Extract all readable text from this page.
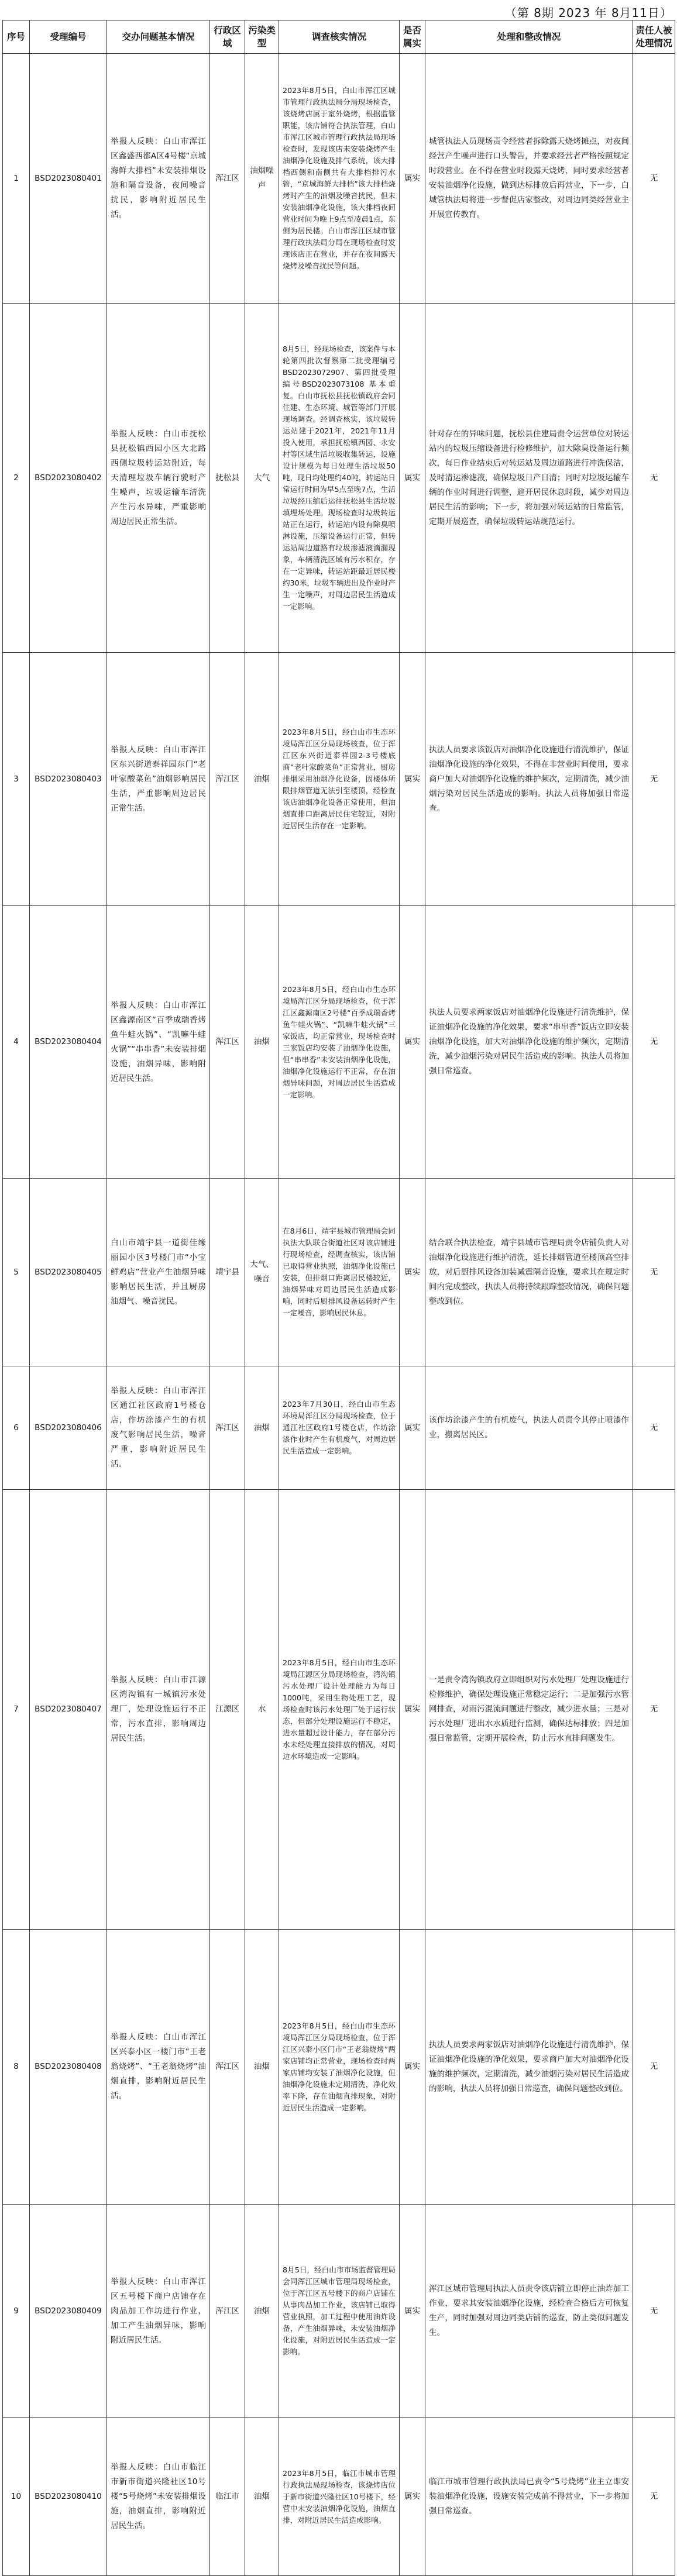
（第 8期 2023 年 8月11日）
序号	受理编号	交办问题基本情况	行政区域	污染类型	调查核实情况	是否属实	处理和整改情况	责任人被处理情况
1	BSD2023080401	举报人反映：白山市浑江区鑫盛西都A区4号楼“京城海鲜大排档”未安装排烟设施和隔音设备，夜间噪音扰民，影响附近居民生活。	浑江区	油烟噪声	2023年8月5日，白山市浑江区城市管理行政执法局分局现场检查，该烧烤店属于室外烧烤，根据监管职能，该店铺符合执法管理，白山市浑江区城市管理行政执法局现场检查时，发现该店未安装烧烤产生油烟净化设施及排气系统，该大排档西侧和南侧共有大排档排污水管，“京城海鲜大排档”该大排档烧烤时产生的油烟及噪音扰民，但未安装油烟净化设施，该大排档夜间营业时间为晚上9点至凌晨1点，东侧为居民楼。白山市浑江区城市管理行政执法局分局在现场检查时发现该店正在营业，并存在夜间露天烧烤及噪音扰民等问题。	属实	城管执法人员现场责令经营者拆除露天烧烤摊点，对夜间经营产生噪声进行口头警告，并要求经营者严格按照规定时段营业。在不得在营业时段露天烧烤，同时要求经营者安装油烟净化设施，做到达标排放后再营业，下一步，白城管执法局将进一步督促店家整改，对周边同类经营业主开展宣传教育。	无
2	BSD2023080402	举报人反映：白山市抚松县抚松镇西园小区大北路西侧垃圾转运站附近，每天清理垃圾车辆行驶时产生噪声，垃圾运输车清洗产生污水异味，严重影响周边居民正常生活。	抚松县	大气	8月5日，经现场检查，该案件与本轮第四批次督察第二批受理编号BSD2023072907、第四批受理编号BSD2023073108 基本重复。白山市抚松县抚松镇政府会同住建、生态环境、城管等部门开展现场调查。经调查核实，该垃圾转运站建于2021年，2021年11月投入使用，承担抚松镇西园、永安村等区域生活垃圾收集转运，设施设计规模为每日处理生活垃圾50吨，现日均处理约40吨，转运站日常运行时间为早5点至晚7点，生活垃圾经压缩后运往抚松县生活垃圾填埋场处理。现场检查时垃圾转运站正在运行，转运站内设有除臭喷淋设施，压缩设备运行正常，但转运站周边道路有垃圾渗滤液滴漏现象，车辆清洗区域有污水积存，存在一定异味，转运站距最近居民楼约30米，垃圾车辆进出及作业时产生一定噪声，对周边居民生活造成一定影响。	属实	针对存在的异味问题，抚松县住建局责令运营单位对转运站内的垃圾压缩设备进行检修维护，加大除臭设备运行频次，每日作业结束后对转运站及周边道路进行冲洗保洁，及时清运渗滤液，确保垃圾日产日清；同时对垃圾运输车辆的作业时间进行调整，避开居民休息时段，减少对周边居民生活的影响；下一步，将加强对转运站的日常监管，定期开展巡查，确保垃圾转运站规范运行。	无
3	BSD2023080403	举报人反映：白山市浑江区东兴街道泰祥园东门“老叶家酸菜鱼”油烟影响居民生活，严重影响周边居民正常生活。	浑江区	油烟	2023年8月5日，经白山市生态环境局浑江区分局现场核查，位于浑江区东兴街道泰祥园2-3号楼底商“老叶家酸菜鱼”正常营业，厨房排烟采用油烟净化设备，因楼体所限排烟管道无法引至楼顶，经检查该店油烟净化设备正常使用，但油烟直排口距离居民住宅较近，对附近居民生活存在一定影响。	属实	执法人员要求该饭店对油烟净化设施进行清洗维护，保证油烟净化设施的净化效果，不得在非营业时间使用，要求商户加大对油烟净化设施的维护频次，定期清洗，减少油烟污染对居民生活造成的影响。执法人员将加强日常巡查。	无
4	BSD2023080404	举报人反映：白山市浑江区鑫源南区“百季成瑞香烤鱼牛蛙火锅”、“凯嘛牛蛙火锅”“串串香”未安装排烟设施，油烟异味，影响附近居民生活。	浑江区	油烟	2023年8月5日，经白山市生态环境局浑江区分局现场检查，位于浑江区鑫源南区2号楼“百季成瑞香烤鱼牛蛙火锅”、“凯嘛牛蛙火锅”三家饭店，均正常营业，现场检查时三家饭店均安装了油烟净化设施，但“串串香”未安装油烟净化设施，油烟净化设施运行不正常，存在油烟异味问题，对周边居民生活造成一定影响。	属实	执法人员要求两家饭店对油烟净化设施进行清洗维护，保证油烟净化设施的净化效果，要求“串串香”饭店立即安装油烟净化设施，加大对油烟净化设施的维护频次，定期清洗，减少油烟污染对居民生活造成的影响。执法人员将加强日常巡查。	无
5	BSD2023080405	白山市靖宇县一道街佳缘丽园小区3号楼门市“小宝鲜鸡店”营业产生油烟异味影响居民生活，并且厨房油烟气、噪音扰民。	靖宇县	大气、噪音	在8月6日，靖宇县城市管理局会同执法大队联合街道社区对该店铺进行现场检查，经调查核实，该店铺已取得营业执照，油烟净化设施已安装，但排烟口距离居民楼较近，油烟异味对周边居民生活造成影响，同时后厨排风设备运转时产生一定噪音，影响居民休息。	属实	结合联合执法检查，靖宇县城市管理局责令店铺负责人对油烟净化设施进行维护清洗，延长排烟管道至楼顶高空排放，对后厨排风设备加装减震隔音设施，要求其在规定时间内完成整改，执法人员将持续跟踪整改情况，确保问题整改到位。	无
6	BSD2023080406	举报人反映：白山市浑江区通江社区政府1号楼仓店，作坊涂漆产生的有机废气影响居民生活，噪音严重，影响附近居民生活。	浑江区	油烟	2023年7月30日，经白山市生态环境局浑江区分局现场检查，位于通江社区政府1号楼仓店，作坊涂漆作业时产生有机废气，对周边居民生活造成一定影响。	属实	该作坊涂漆产生的有机废气，执法人员责令其停止喷漆作业，搬离居民区。	无
7	BSD2023080407	举报人反映：白山市江源区湾沟镇有一城镇污水处理厂，处理设施运行不正常，污水直排，影响周边居民生活。	江源区	水	2023年8月5日，经白山市生态环境局江源区分局现场检查，湾沟镇污水处理厂设计处理能力为每日1000吨，采用生物处理工艺，现场检查时该污水处理厂处于运行状态，但部分处理设施运行不稳定，进水量超过设计能力，存在部分污水未经处理直接排放的情况，对周边水环境造成一定影响。	属实	一是责令湾沟镇政府立即组织对污水处理厂处理设施进行检修维护，确保处理设施正常稳定运行；二是加强污水管网排查，对雨污混流问题进行整改，减少进水量；三是对污水处理厂进出水水质进行监测，确保达标排放；四是加强日常监管，定期开展检查，防止污水直排问题发生。	无
8	BSD2023080408	举报人反映：白山市浑江区兴泰小区一楼门市“王老翁烧烤”、“王老翁烧烤”油烟直排，影响附近居民生活。	浑江区	油烟	2023年8月5日，经白山市生态环境局浑江区分局现场检查，位于浑江区兴泰小区门市“王老翁烧烤”两家店铺均正常营业，现场检查时两家店铺均安装了油烟净化设施，但油烟净化设施未定期清洗，净化效率下降，存在油烟直排现象，对附近居民生活造成一定影响。	属实	执法人员要求两家饭店对油烟净化设施进行清洗维护，保证油烟净化设施的净化效果，要求商户加大对油烟净化设施的维护频次，定期清洗，减少油烟污染对居民生活造成的影响，执法人员将加强日常巡查，确保问题整改到位。	无
9	BSD2023080409	举报人反映：白山市浑江区五号楼下商户店铺存在肉品加工作坊进行作业，加工产生油烟异味，影响附近居民生活。	浑江区	油烟	8月5日，经白山市市场监督管理局会同浑江区城市管理局现场检查，位于浑江区五号楼下的商户店铺在从事肉品加工作业，该店铺已取得营业执照，加工过程中使用油炸设备，产生油烟异味，未安装油烟净化设施，对附近居民生活造成一定影响。	属实	浑江区城市管理局执法人员责令该店铺立即停止油炸加工作业，要求其安装油烟净化设施，经检查合格后方可恢复生产，同时加强对周边同类店铺的巡查，防止类似问题发生。	无
10	BSD2023080410	举报人反映：白山市临江市新市街道兴隆社区10号楼“5号烧烤”未安装排烟设施，油烟直排，影响附近居民生活。	临江市	油烟	2023年8月5日，临江市城市管理行政执法局现场检查，该烧烤店位于新市街道兴隆社区10号楼下，经营中未安装油烟净化设施，油烟直排，对附近居民生活造成影响。	属实	临江市城市管理行政执法局已责令“5号烧烤”业主立即安装油烟净化设施，设施安装完成前不得营业，下一步将加强日常巡查。	无
